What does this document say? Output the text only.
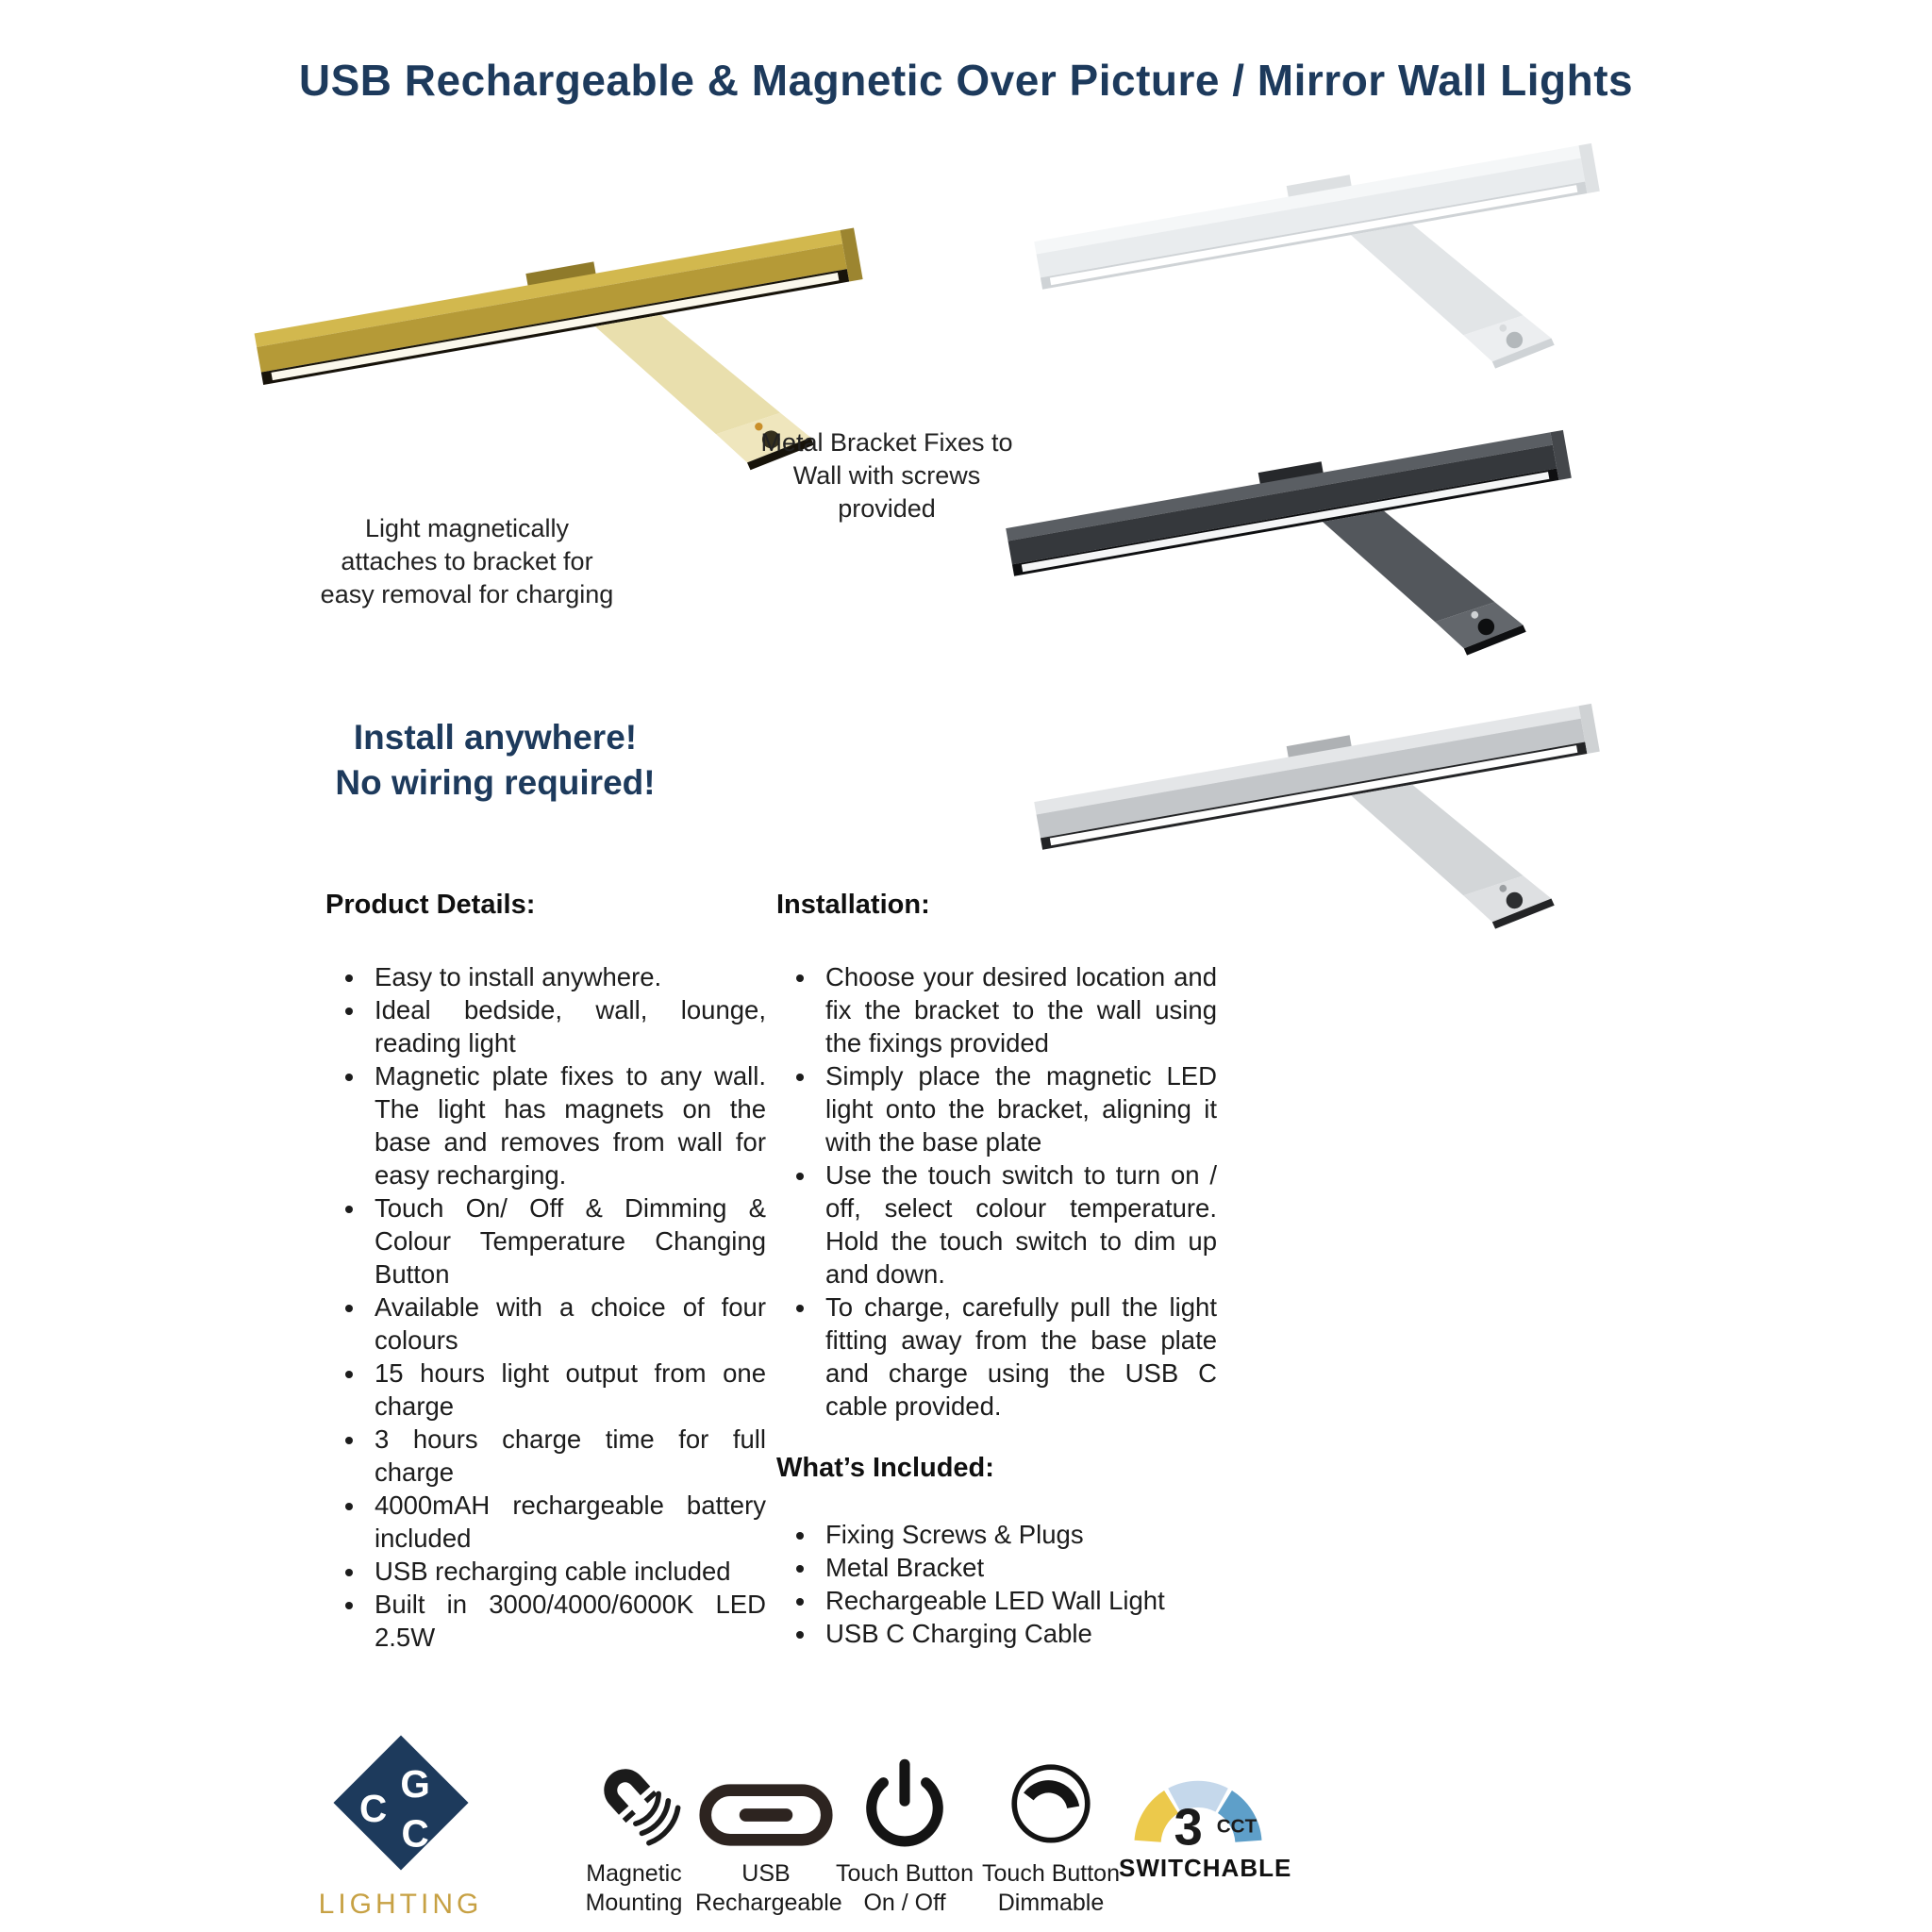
USB Rechargeable & Magnetic Over Picture / Mirror Wall Lights
Metal Bracket Fixes to
Wall with screws
provided
Light magnetically
attaches to bracket for
easy removal for charging
Install anywhere!
No wiring required!
Product Details:
• Easy to install anywhere.
• Ideal bedside, wall, lounge, reading light
• Magnetic plate fixes to any wall. The light has magnets on the base and removes from wall for easy recharging.
• Touch On/ Off & Dimming & Colour Temperature Changing Button
• Available with a choice of four colours
• 15 hours light output from one charge
• 3 hours charge time for full charge
• 4000mAH rechargeable battery included
• USB recharging cable included
• Built in 3000/4000/6000K LED 2.5W
Installation:
• Choose your desired location and fix the bracket to the wall using the fixings provided
• Simply place the magnetic LED light onto the bracket, aligning it with the base plate
• Use the touch switch to turn on / off, select colour temperature. Hold the touch switch to dim up and down.
• To charge, carefully pull the light fitting away from the base plate and charge using the USB C cable provided.
What’s Included:
• Fixing Screws & Plugs
• Metal Bracket
• Rechargeable LED Wall Light
• USB C Charging Cable
C
G
C
LIGHTING
Magnetic
Mounting
USB
Rechargeable
Touch Button
On / Off
Touch Button
Dimmable
3 CCT
SWITCHABLE
